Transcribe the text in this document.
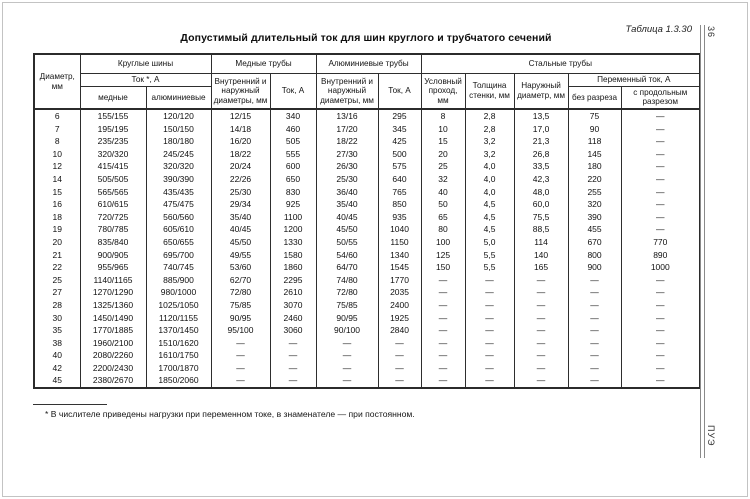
Таблица 1.3.30
Допустимый длительный ток для шин круглого и трубчатого сечений
Диаметр, мм	Круглые шины		Медные трубы		Алюминиевые трубы		Стальные трубы				
	Ток *, А		Внутренний и наружный диаметры, мм	Ток, А	Внутренний и наружный диаметры, мм	Ток, А	Условный проход, мм	Толщина стенки, мм	Наружный диаметр, мм	Переменный ток, А	
	медные	алюминиевые								без разреза	с продольным разрезом
6	155/155	120/120	12/15	340	13/16	295	8	2,8	13,5	75	—
7	195/195	150/150	14/18	460	17/20	345	10	2,8	17,0	90	—
8	235/235	180/180	16/20	505	18/22	425	15	3,2	21,3	118	—
10	320/320	245/245	18/22	555	27/30	500	20	3,2	26,8	145	—
12	415/415	320/320	20/24	600	26/30	575	25	4,0	33,5	180	—
14	505/505	390/390	22/26	650	25/30	640	32	4,0	42,3	220	—
15	565/565	435/435	25/30	830	36/40	765	40	4,0	48,0	255	—
16	610/615	475/475	29/34	925	35/40	850	50	4,5	60,0	320	—
18	720/725	560/560	35/40	1100	40/45	935	65	4,5	75,5	390	—
19	780/785	605/610	40/45	1200	45/50	1040	80	4,5	88,5	455	—
20	835/840	650/655	45/50	1330	50/55	1150	100	5,0	114	670	770
21	900/905	695/700	49/55	1580	54/60	1340	125	5,5	140	800	890
22	955/965	740/745	53/60	1860	64/70	1545	150	5,5	165	900	1000
25	1140/1165	885/900	62/70	2295	74/80	1770	—	—	—	—	—
27	1270/1290	980/1000	72/80	2610	72/80	2035	—	—	—	—	—
28	1325/1360	1025/1050	75/85	3070	75/85	2400	—	—	—	—	—
30	1450/1490	1120/1155	90/95	2460	90/95	1925	—	—	—	—	—
35	1770/1885	1370/1450	95/100	3060	90/100	2840	—	—	—	—	—
38	1960/2100	1510/1620	—	—	—	—	—	—	—	—	—
40	2080/2260	1610/1750	—	—	—	—	—	—	—	—	—
42	2200/2430	1700/1870	—	—	—	—	—	—	—	—	—
45	2380/2670	1850/2060	—	—	—	—	—	—	—	—	—
* В числителе приведены нагрузки при переменном токе, в знаменателе — при постоянном.
36
ПУЭ
